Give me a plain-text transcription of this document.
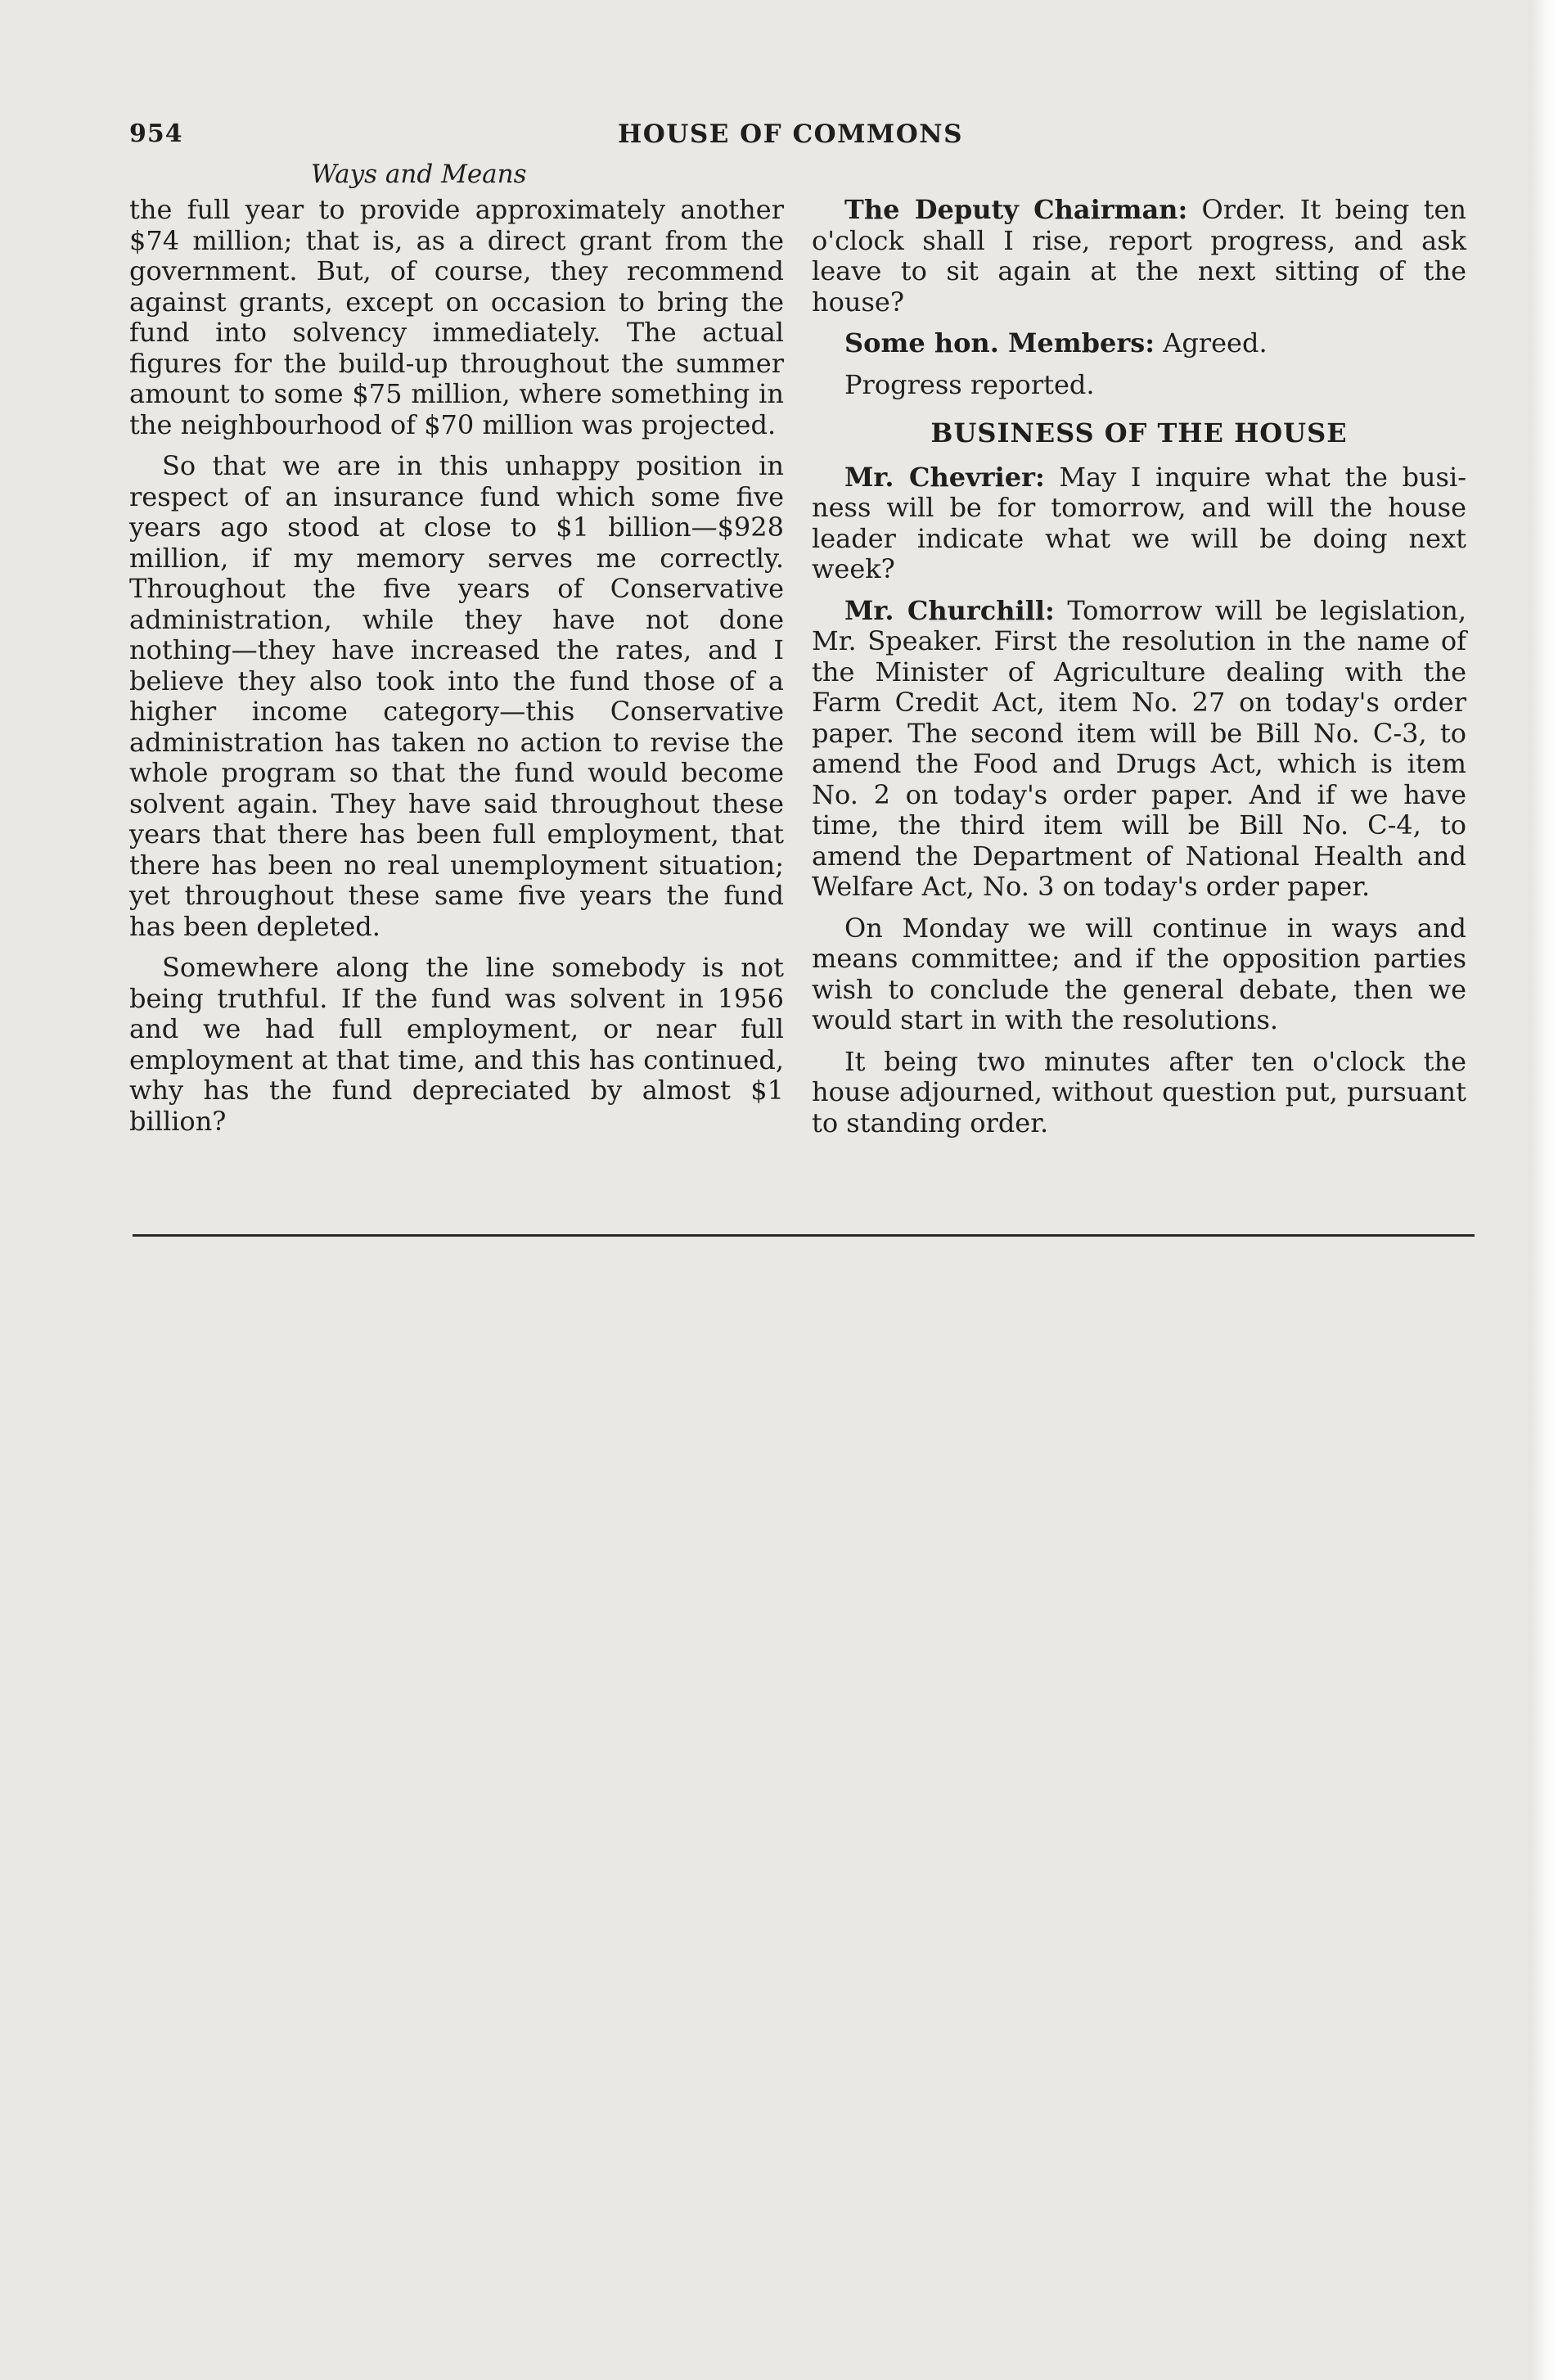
954	HOUSE OF COMMONS
Ways and Means

the full year to provide approximately another $74 million; that is, as a direct grant from the government. But, of course, they recommend against grants, except on occasion to bring the fund into solvency immediately. The actual figures for the build-up throughout the summer amount to some $75 million, where something in the neighbourhood of $70 million was projected.

So that we are in this unhappy position in respect of an insurance fund which some five years ago stood at close to $1 billion—$928 million, if my memory serves me correctly. Throughout the five years of Conservative administration, while they have not done nothing—they have increased the rates, and I believe they also took into the fund those of a higher income category—this Conservative administration has taken no action to revise the whole program so that the fund would become solvent again. They have said throughout these years that there has been full employment, that there has been no real unemployment situation; yet throughout these same five years the fund has been depleted.

Somewhere along the line somebody is not being truthful. If the fund was solvent in 1956 and we had full employment, or near full employment at that time, and this has continued, why has the fund depreciated by almost $1 billion?

The Deputy Chairman: Order. It being ten o'clock shall I rise, report progress, and ask leave to sit again at the next sitting of the house?

Some hon. Members: Agreed.

Progress reported.

BUSINESS OF THE HOUSE

Mr. Chevrier: May I inquire what the business will be for tomorrow, and will the house leader indicate what we will be doing next week?

Mr. Churchill: Tomorrow will be legislation, Mr. Speaker. First the resolution in the name of the Minister of Agriculture dealing with the Farm Credit Act, item No. 27 on today's order paper. The second item will be Bill No. C-3, to amend the Food and Drugs Act, which is item No. 2 on today's order paper. And if we have time, the third item will be Bill No. C-4, to amend the Department of National Health and Welfare Act, No. 3 on today's order paper.

On Monday we will continue in ways and means committee; and if the opposition parties wish to conclude the general debate, then we would start in with the resolutions.

It being two minutes after ten o'clock the house adjourned, without question put, pursuant to standing order.
